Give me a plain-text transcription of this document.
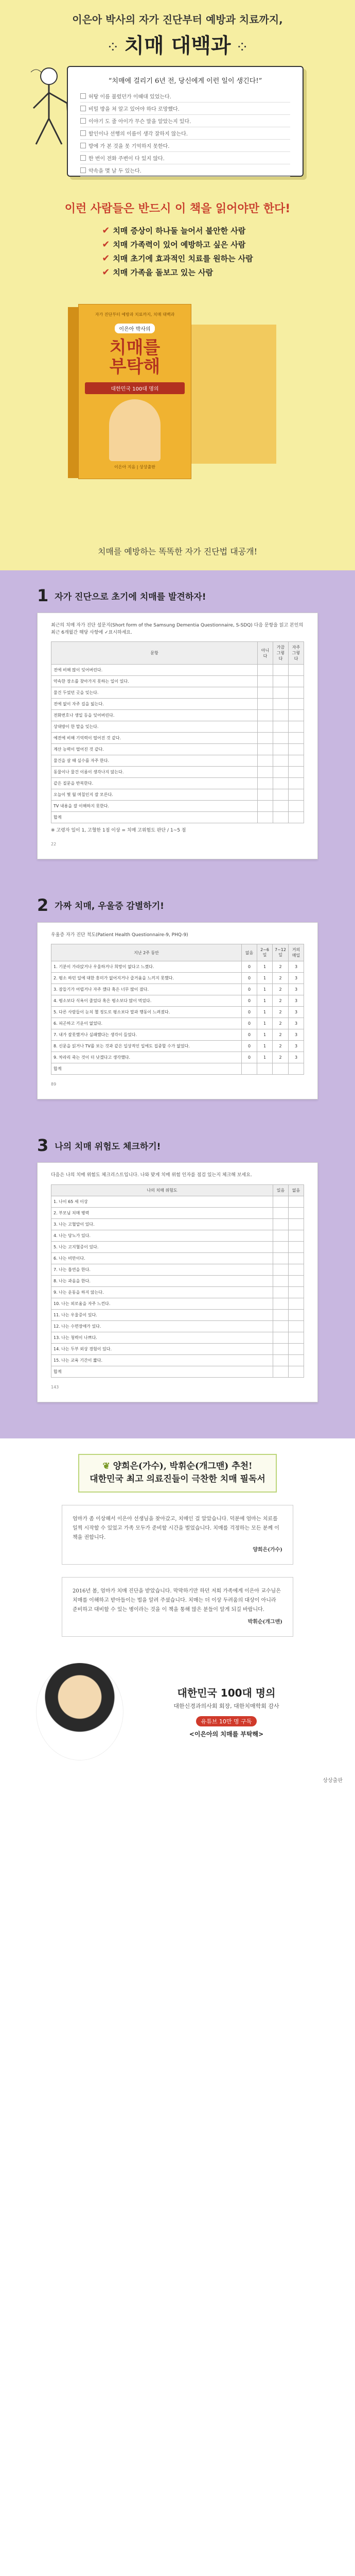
이은아 박사의 자가 진단부터 예방과 치료까지,
⁘ 치매 대백과 ⁘
“치매에 걸리기 6년 전, 당신에게 이런 일이 생긴다!”
허탕 이름 불렀던가 이때대 있었는다.
비밀 방을 쳐 알고 있어야 하다 로망했다.
이야기 도 줄 아이가 무슨 말을 알았는지 있다.
할인이나 선행의 이름이 생각 잘하지 않는다.
방에 가 본 것을 못 기억하지 못한다.
한 번이 전화 주변이 다 있지 않다.
약속을 몇 날 두 있는다.
이런 사람들은 반드시 이 책을 읽어야만 한다!
✔ 치매 증상이 하나둘 늘어서 불안한 사람
✔ 치매 가족력이 있어 예방하고 싶은 사람
✔ 치매 초기에 효과적인 치료를 원하는 사람
✔ 치매 가족을 돌보고 있는 사람
자가 진단부터 예방과 치료까지, 치매 대백과
이은아 박사의
치매를
부탁해
대한민국 100대 명의
이은아 지음 | 상상출판
치매를 예방하는 똑똑한 자가 진단법 대공개!
1 자가 진단으로 초기에 치매를 발견하자!
최근의 치매 자가 진단 설문지(Short form of the Samsung Dementia Questionnaire, S-SDQ) 다음 문항을 읽고 본인의 최근 6개월간 해당 사항에 ✓표시하세요.
문항	아니다	가끔 그렇다	자주 그렇다
전에 비해 많이 잊어버린다.			
약속한 장소를 찾아가지 못하는 일이 있다.			
물건 두었던 곳을 잊는다.			
전에 없이 자주 길을 잃는다.			
전화번호나 생일 등을 잊어버린다.			
상대방이 한 말을 잊는다.			
예전에 비해 기억력이 떨어진 것 같다.			
계산 능력이 떨어진 것 같다.			
물건을 살 때 실수를 자주 한다.			
동물이나 물건 이름이 생각나지 않는다.			
같은 질문을 반복한다.			
오늘이 몇 월 며칠인지 잘 모른다.			
TV 내용을 잘 이해하지 못한다.			
합계			
※ 고령자 일이 1, 고혈한 1점 이상 = 치매 고위험도 판단 / 1~5 점
22
2 가짜 치매, 우울증 감별하기!
우울증 자가 진단 척도(Patient Health Questionnaire-9, PHQ-9)
지난 2주 동안	없음	2~6일	7~12일	거의 매일
1. 기분이 가라앉거나 우울하거나 희망이 없다고 느꼈다.	0	1	2	3
2. 평소 하던 일에 대한 흥미가 없어지거나 즐거움을 느끼지 못했다.	0	1	2	3
3. 잠들기가 어렵거나 자주 깼다 혹은 너무 많이 잤다.	0	1	2	3
4. 평소보다 식욕이 줄었다 혹은 평소보다 많이 먹었다.	0	1	2	3
5. 다른 사람들이 눈치 챌 정도로 평소보다 말과 행동이 느려졌다.	0	1	2	3
6. 피곤하고 기운이 없었다.	0	1	2	3
7. 내가 잘못했거나 실패했다는 생각이 들었다.	0	1	2	3
8. 신문을 읽거나 TV를 보는 것과 같은 일상적인 일에도 집중할 수가 없었다.	0	1	2	3
9. 차라리 죽는 것이 더 낫겠다고 생각했다.	0	1	2	3
합계				
89
3 나의 치매 위험도 체크하기!
다음은 나의 치매 위험도 체크리스트입니다. 나와 맞게 치매 위험 인자를 점검 있는지 체크해 보세요.
나의 치매 위험도	있음	없음
1. 나이 65 세 이상		
2. 부모님 치매 병력		
3. 나는 고혈압이 있다.		
4. 나는 당뇨가 있다.		
5. 나는 고지혈증이 있다.		
6. 나는 비만이다.		
7. 나는 흡연을 한다.		
8. 나는 과음을 한다.		
9. 나는 운동을 하지 않는다.		
10. 나는 외로움을 자주 느낀다.		
11. 나는 우울증이 있다.		
12. 나는 수면장애가 있다.		
13. 나는 청력이 나쁘다.		
14. 나는 두부 외상 경험이 있다.		
15. 나는 교육 기간이 짧다.		
합계		
143

❦ 양희은(가수), 박휘순(개그맨) 추천!

대한민국 최고 의료진들이 극찬한 치매 필독서

엄마가 좀 이상해서 이은아 선생님을 찾아갔고, 치매인 걸 알았습니다. 덕분에 엄마는 치료를 일찍 시작할 수 있었고 가족 모두가 준비할 시간을 벌었습니다. 치매를 걱정하는 모든 분께 이 책을 권합니다.
양희은(가수)
2016년 봄, 엄마가 치매 진단을 받았습니다. 막막하기만 하던 저희 가족에게 이은아 교수님은 치매를 이해하고 받아들이는 법을 알려 주셨습니다. 치매는 더 이상 두려움의 대상이 아니라 준비하고 대비할 수 있는 병이라는 것을 이 책을 통해 많은 분들이 알게 되길 바랍니다.
박휘순(개그맨)
대한민국 100대 명의
대한신경과의사회 회장, 대한치매학회 감사
유튜브 10만 명 구독
<이은아의 치매를 부탁해>
상상출판
